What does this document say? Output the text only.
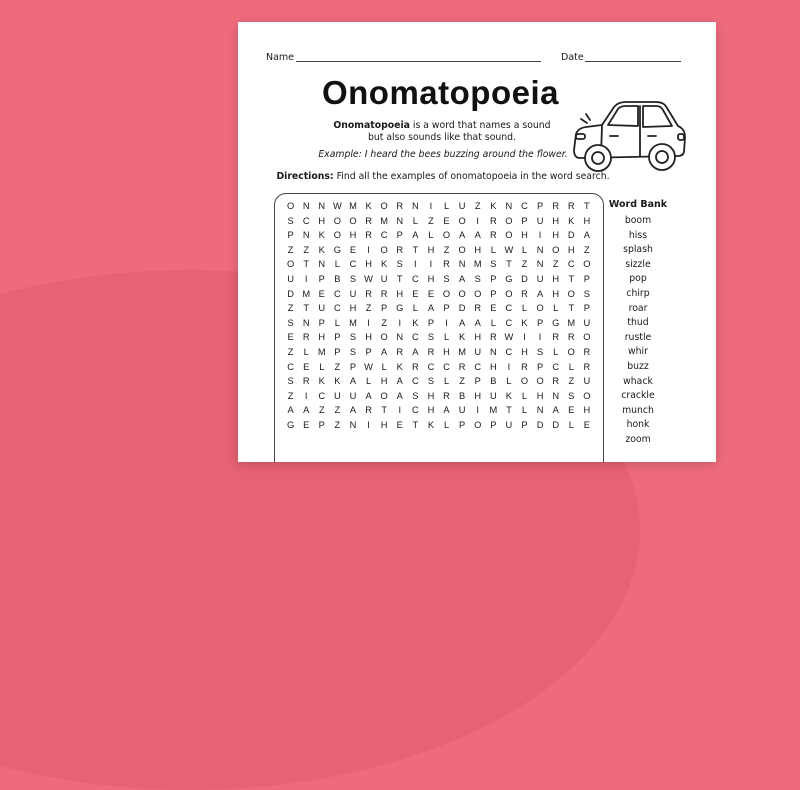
Name	Date
Onomatopoeia
Onomatopoeia is a word that names a sound but also sounds like that sound.
Example: I heard the bees buzzing around the flower.
Directions: Find all the examples of onomatopoeia in the word search.
O N N W M K O R N	I	L U Z K N C P R R T
S C H O O R M N L	Z E O	I	R O P U H K H
P N K O H R C P A	L O A A R O H	I	H D A
Z	Z K G E	I	O R T H Z O H L W L N O H Z
O T N L C H K S	I	I	R N M S T	Z N Z C O
U	I	P B S W U T C H S A S P G D U H T P
D M E C U R R H E E O O O P O R A H O S
Z	T U C H Z P G L	A P D R E C L O L	T P
S N P	L M	I	Z	I	K P	I	A A	L C K P G M U
E R H P S H O N C S	L	K H R W	I	I	R R O
Z	L M P S P A R A R H M U N C H S	L O R
C E	L	Z P W L	K R C C R C H	I	R P C L R
S R K K A	L H A C S	L	Z P B	L O O R Z U
Z	I	C U U A O A S H R B H U K	L H N S O
A A Z	Z A R T	I	C H A U	I	M T	L N A E H
G E P Z N	I	H E T K	L	P O P U P D D L	E
Word Bank
boom
hiss
splash
sizzle
pop
chirp
roar
thud
rustle
whir
buzz
whack
crackle
munch
honk
zoom
